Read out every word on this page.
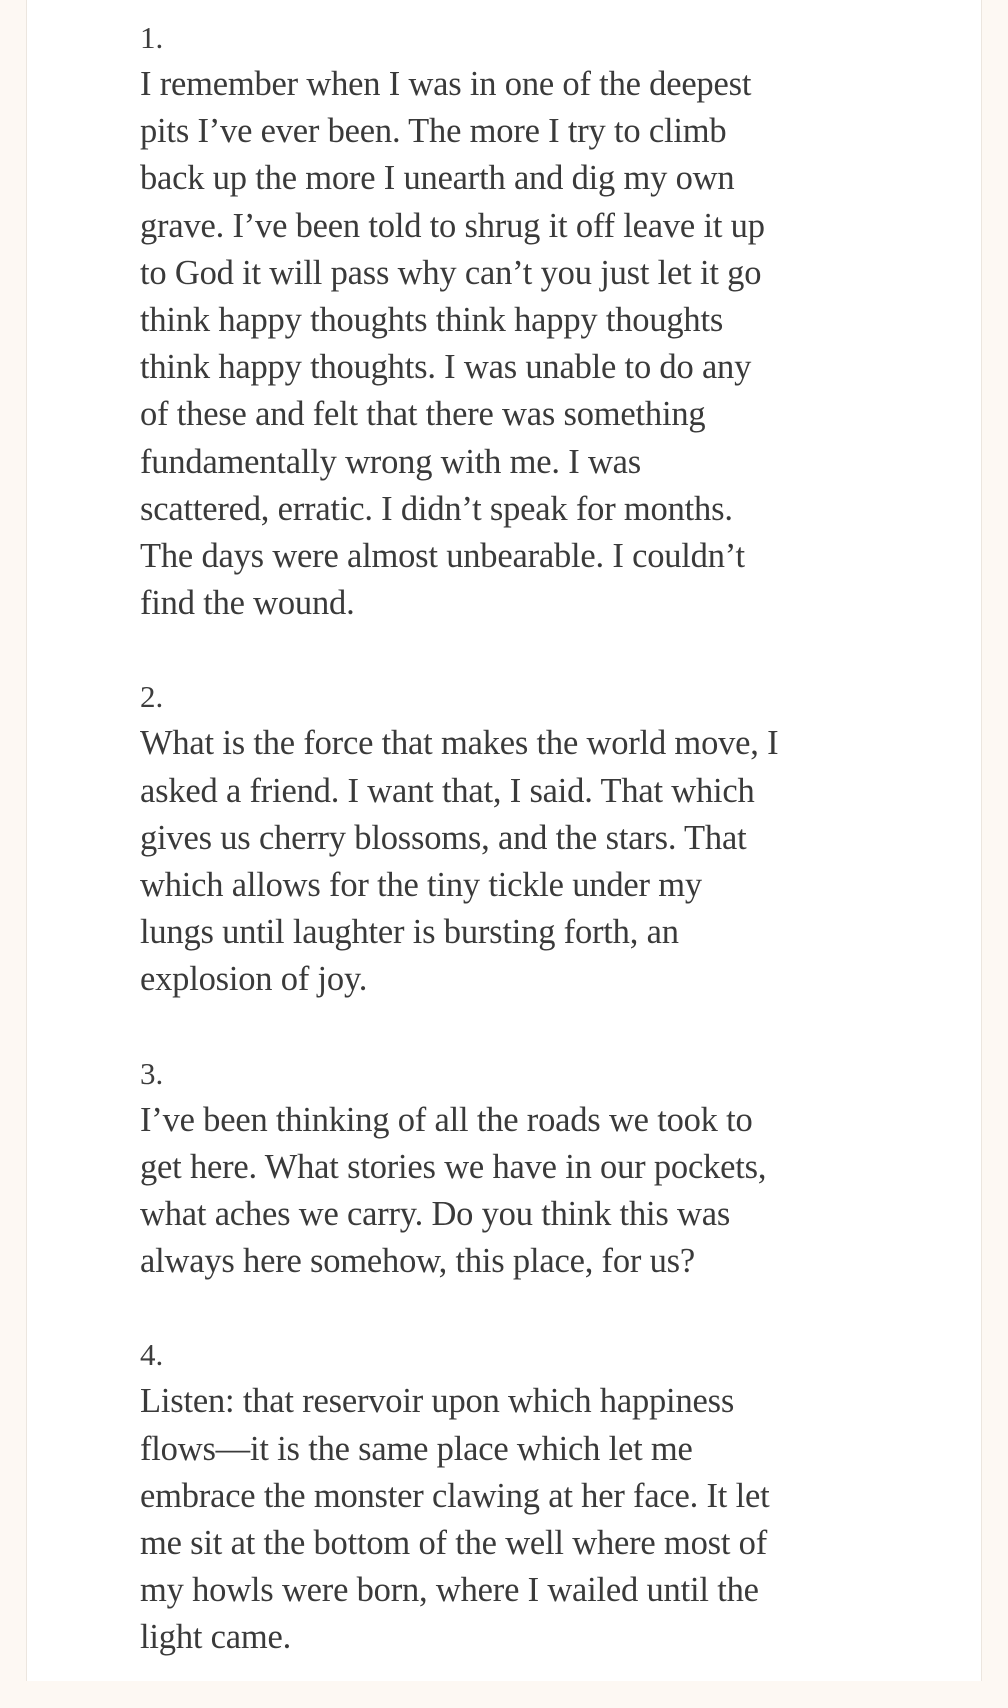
1.
I remember when I was in one of the deepest
pits I’ve ever been. The more I try to climb
back up the more I unearth and dig my own
grave. I’ve been told to shrug it off leave it up
to God it will pass why can’t you just let it go
think happy thoughts think happy thoughts
think happy thoughts. I was unable to do any
of these and felt that there was something
fundamentally wrong with me. I was
scattered, erratic. I didn’t speak for months.
The days were almost unbearable. I couldn’t
find the wound.
2.
What is the force that makes the world move, I
asked a friend. I want that, I said. That which
gives us cherry blossoms, and the stars. That
which allows for the tiny tickle under my
lungs until laughter is bursting forth, an
explosion of joy.
3.
I’ve been thinking of all the roads we took to
get here. What stories we have in our pockets,
what aches we carry. Do you think this was
always here somehow, this place, for us?
4.
Listen: that reservoir upon which happiness
flows—it is the same place which let me
embrace the monster clawing at her face. It let
me sit at the bottom of the well where most of
my howls were born, where I wailed until the
light came.
